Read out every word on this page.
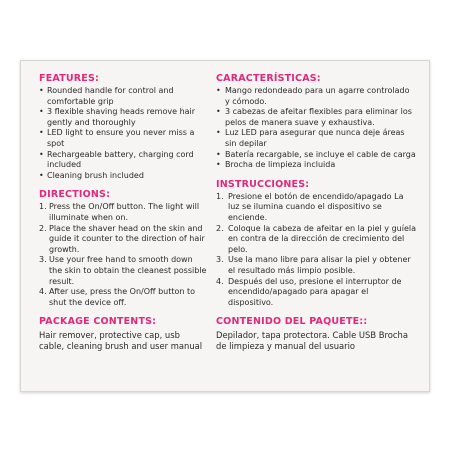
FEATURES:
• Rounded handle for control and comfortable grip
• 3 flexible shaving heads remove hair gently and thoroughly
• LED light to ensure you never miss a spot
• Rechargeable battery, charging cord included
• Cleaning brush included
DIRECTIONS:
1. Press the On/Off button. The light will illuminate when on.
2. Place the shaver head on the skin and guide it counter to the direction of hair growth.
3. Use your free hand to smooth down the skin to obtain the cleanest possible result.
4. After use, press the On/Off button to shut the device off.
PACKAGE CONTENTS:

Hair remover, protective cap, usb cable, cleaning brush and user manual

CARACTERÍSTICAS:
• Mango redondeado para un agarre controlado y cómodo.
• 3 cabezas de afeitar flexibles para eliminar los pelos de manera suave y exhaustiva.
• Luz LED para asegurar que nunca deje áreas sin depilar
• Batería recargable, se incluye el cable de carga
• Brocha de limpieza incluida
INSTRUCCIONES:
1. Presione el botón de encendido/apagado La luz se ilumina cuando el dispositivo se enciende.
2. Coloque la cabeza de afeitar en la piel y guíela en contra de la dirección de crecimiento del pelo.
3. Use la mano libre para alisar la piel y obtener el resultado más limpio posible.
4. Después del uso, presione el interruptor de encendido/apagado para apagar el dispositivo.
CONTENIDO DEL PAQUETE::

Depilador, tapa protectora. Cable USB Brocha de limpieza y manual del usuario
